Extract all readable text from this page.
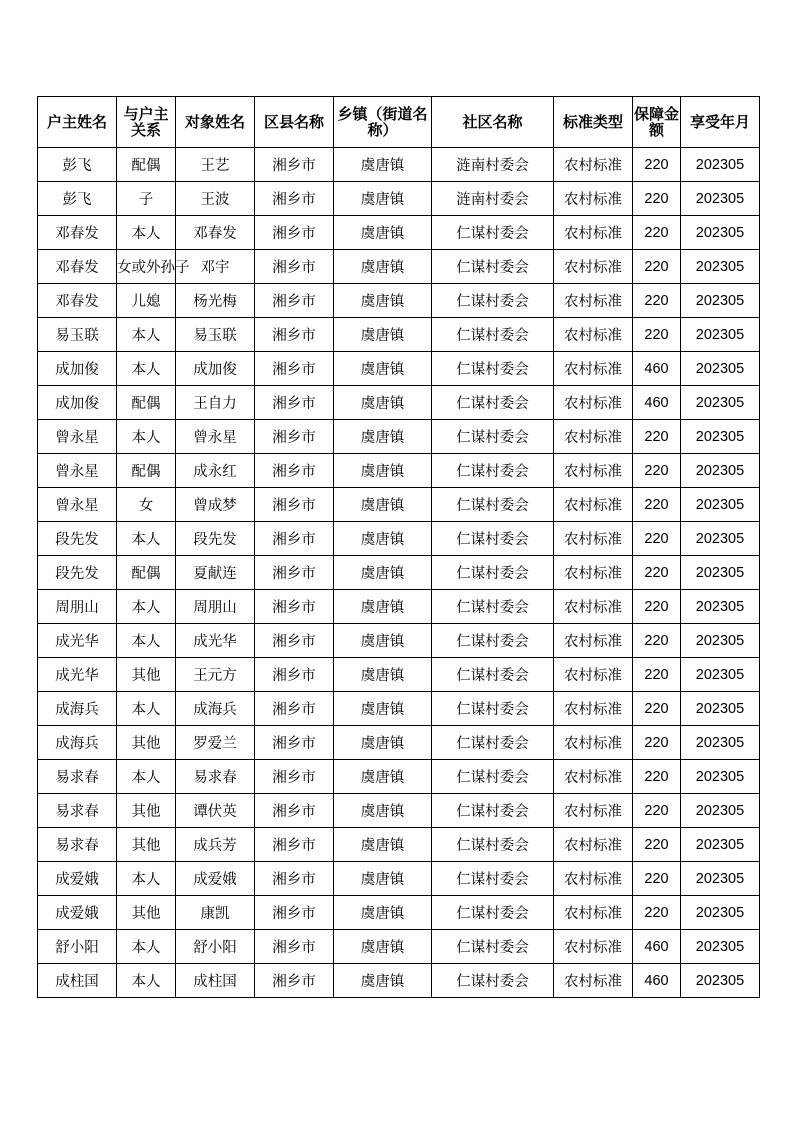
户主姓名	与户主关系	对象姓名	区县名称	乡镇（街道名称）	社区名称	标准类型	保障金额	享受年月
彭飞	配偶	王艺	湘乡市	虞唐镇	涟南村委会	农村标准	220	202305
彭飞	子	王波	湘乡市	虞唐镇	涟南村委会	农村标准	220	202305
邓春发	本人	邓春发	湘乡市	虞唐镇	仁谋村委会	农村标准	220	202305
邓春发	女或外孙子	邓宇	湘乡市	虞唐镇	仁谋村委会	农村标准	220	202305
邓春发	儿媳	杨光梅	湘乡市	虞唐镇	仁谋村委会	农村标准	220	202305
易玉联	本人	易玉联	湘乡市	虞唐镇	仁谋村委会	农村标准	220	202305
成加俊	本人	成加俊	湘乡市	虞唐镇	仁谋村委会	农村标准	460	202305
成加俊	配偶	王自力	湘乡市	虞唐镇	仁谋村委会	农村标准	460	202305
曾永星	本人	曾永星	湘乡市	虞唐镇	仁谋村委会	农村标准	220	202305
曾永星	配偶	成永红	湘乡市	虞唐镇	仁谋村委会	农村标准	220	202305
曾永星	女	曾成梦	湘乡市	虞唐镇	仁谋村委会	农村标准	220	202305
段先发	本人	段先发	湘乡市	虞唐镇	仁谋村委会	农村标准	220	202305
段先发	配偶	夏献连	湘乡市	虞唐镇	仁谋村委会	农村标准	220	202305
周朋山	本人	周朋山	湘乡市	虞唐镇	仁谋村委会	农村标准	220	202305
成光华	本人	成光华	湘乡市	虞唐镇	仁谋村委会	农村标准	220	202305
成光华	其他	王元方	湘乡市	虞唐镇	仁谋村委会	农村标准	220	202305
成海兵	本人	成海兵	湘乡市	虞唐镇	仁谋村委会	农村标准	220	202305
成海兵	其他	罗爱兰	湘乡市	虞唐镇	仁谋村委会	农村标准	220	202305
易求春	本人	易求春	湘乡市	虞唐镇	仁谋村委会	农村标准	220	202305
易求春	其他	谭伏英	湘乡市	虞唐镇	仁谋村委会	农村标准	220	202305
易求春	其他	成兵芳	湘乡市	虞唐镇	仁谋村委会	农村标准	220	202305
成爱娥	本人	成爱娥	湘乡市	虞唐镇	仁谋村委会	农村标准	220	202305
成爱娥	其他	康凯	湘乡市	虞唐镇	仁谋村委会	农村标准	220	202305
舒小阳	本人	舒小阳	湘乡市	虞唐镇	仁谋村委会	农村标准	460	202305
成柱国	本人	成柱国	湘乡市	虞唐镇	仁谋村委会	农村标准	460	202305
